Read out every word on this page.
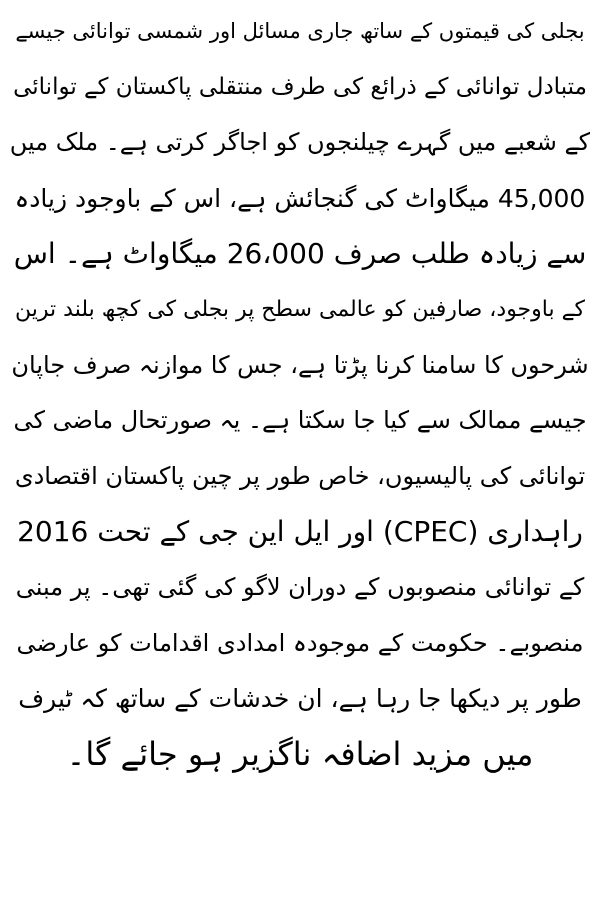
بجلی کی قیمتوں کے ساتھ جاری مسائل اور شمسی توانائی جیسے
متبادل توانائی کے ذرائع کی طرف منتقلی پاکستان کے توانائی
کے شعبے میں گہرے چیلنجوں کو اجاگر کرتی ہے۔ ملک میں
45,000 میگاواٹ کی گنجائش ہے، اس کے باوجود زیادہ
سے زیادہ طلب صرف 26،000 میگاواٹ ہے۔ اس
کے باوجود، صارفین کو عالمی سطح پر بجلی کی کچھ بلند ترین
شرحوں کا سامنا کرنا پڑتا ہے، جس کا موازنہ صرف جاپان
جیسے ممالک سے کیا جا سکتا ہے۔ یہ صورتحال ماضی کی
توانائی کی پالیسیوں، خاص طور پر چین پاکستان اقتصادی
راہداری (CPEC) اور ایل این جی کے تحت 2016
کے توانائی منصوبوں کے دوران لاگو کی گئی تھی۔ پر مبنی
منصوبے۔ حکومت کے موجودہ امدادی اقدامات کو عارضی
طور پر دیکھا جا رہا ہے، ان خدشات کے ساتھ کہ ٹیرف
میں مزید اضافہ ناگزیر ہو جائے گا۔
